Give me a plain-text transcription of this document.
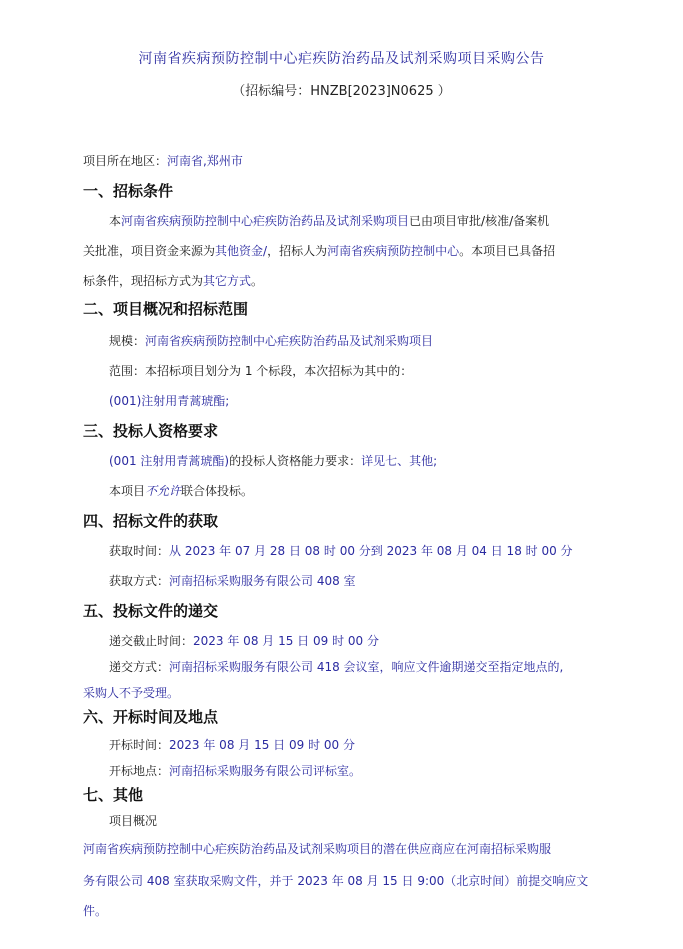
河南省疾病预防控制中心疟疾防治药品及试剂采购项目采购公告
（招标编号：HNZB[2023]N0625 ）
项目所在地区：河南省,郑州市
一、招标条件
本河南省疾病预防控制中心疟疾防治药品及试剂采购项目已由项目审批/核准/备案机
关批准，项目资金来源为其他资金/，招标人为河南省疾病预防控制中心。本项目已具备招
标条件，现招标方式为其它方式。
二、项目概况和招标范围
规模：河南省疾病预防控制中心疟疾防治药品及试剂采购项目
范围：本招标项目划分为 1 个标段，本次招标为其中的：
(001)注射用青蒿琥酯;
三、投标人资格要求
(001 注射用青蒿琥酯)的投标人资格能力要求：详见七、其他;
本项目不允许联合体投标。
四、招标文件的获取
获取时间：从 2023 年 07 月 28 日 08 时 00 分到 2023 年 08 月 04 日 18 时 00 分
获取方式：河南招标采购服务有限公司 408 室
五、投标文件的递交
递交截止时间：2023 年 08 月 15 日 09 时 00 分
递交方式：河南招标采购服务有限公司 418 会议室，响应文件逾期递交至指定地点的,
采购人不予受理。
六、开标时间及地点
开标时间：2023 年 08 月 15 日 09 时 00 分
开标地点：河南招标采购服务有限公司评标室。
七、其他
项目概况
河南省疾病预防控制中心疟疾防治药品及试剂采购项目的潜在供应商应在河南招标采购服
务有限公司 408 室获取采购文件，并于 2023 年 08 月 15 日 9:00（北京时间）前提交响应文
件。
